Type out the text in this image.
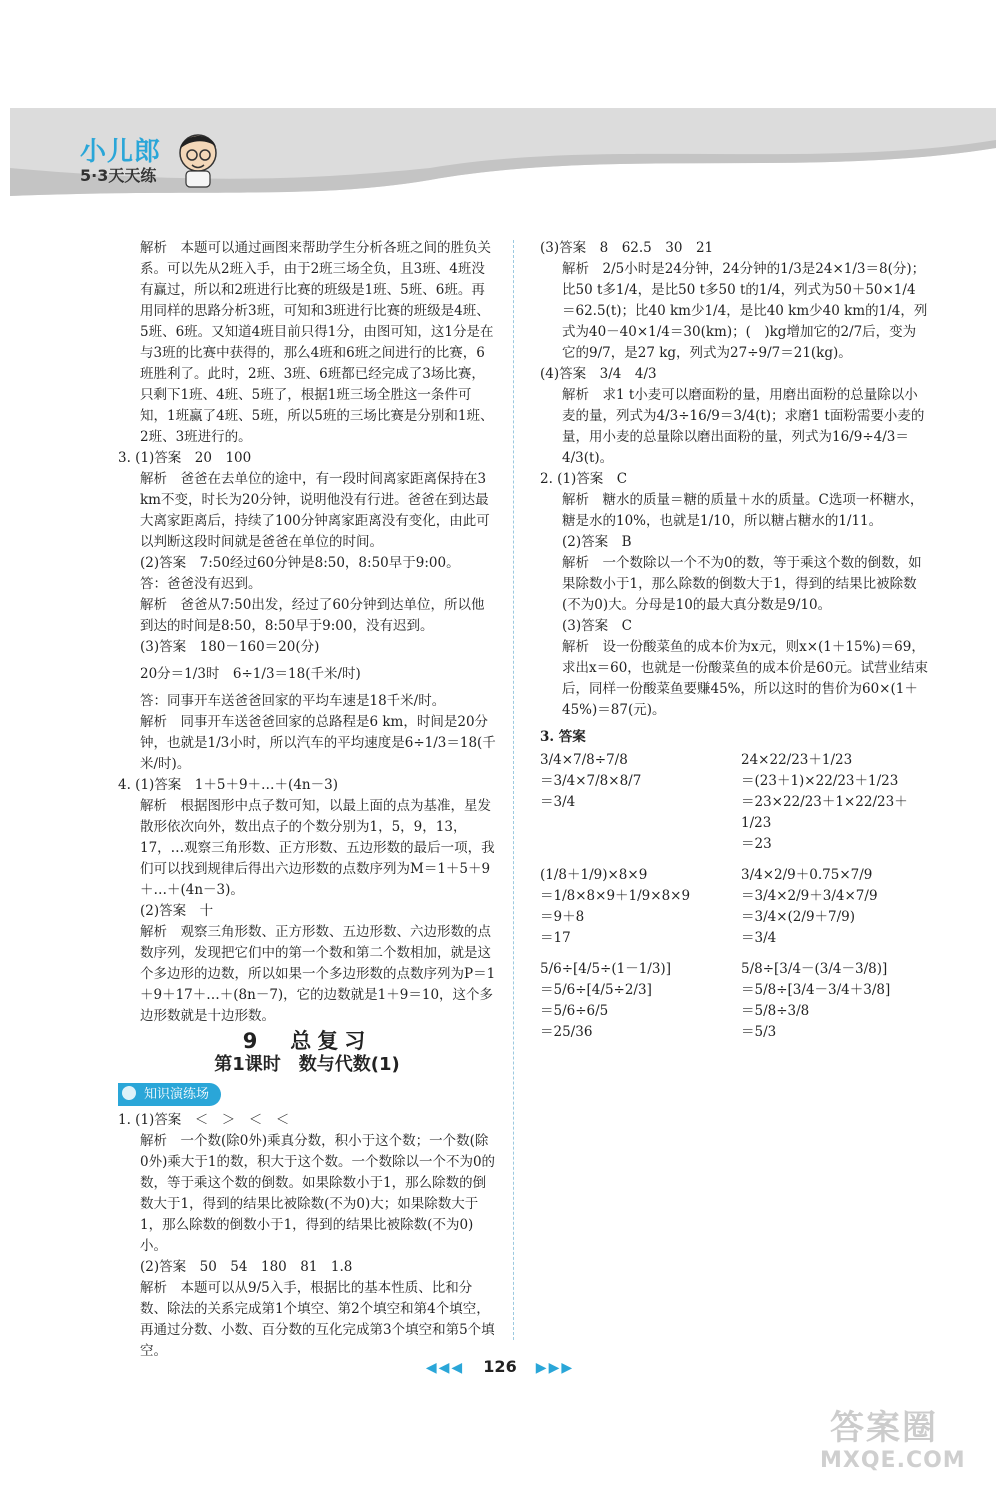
小儿郎
5·3天天练

解析　本题可以通过画图来帮助学生分析各班之间的胜负关系。可以先从2班入手，由于2班三场全负，且3班、4班没有赢过，所以和2班进行比赛的班级是1班、5班、6班。再用同样的思路分析3班，可知和3班进行比赛的班级是4班、5班、6班。又知道4班目前只得1分，由图可知，这1分是在与3班的比赛中获得的，那么4班和6班之间进行的比赛，6班胜利了。此时，2班、3班、6班都已经完成了3场比赛，只剩下1班、4班、5班了，根据1班三场全胜这一条件可知，1班赢了4班、5班，所以5班的三场比赛是分别和1班、2班、3班进行的。

3. (1)答案　20　100

解析　爸爸在去单位的途中，有一段时间离家距离保持在3 km不变，时长为20分钟，说明他没有行进。爸爸在到达最大离家距离后，持续了100分钟离家距离没有变化，由此可以判断这段时间就是爸爸在单位的时间。

(2)答案　7:50经过60分钟是8:50，8:50早于9:00。

答：爸爸没有迟到。

解析　爸爸从7:50出发，经过了60分钟到达单位，所以他到达的时间是8:50，8:50早于9:00，没有迟到。

(3)答案　180－160＝20(分)

20分＝1/3时　6÷1/3＝18(千米/时)

答：同事开车送爸爸回家的平均车速是18千米/时。

解析　同事开车送爸爸回家的总路程是6 km，时间是20分钟，也就是1/3小时，所以汽车的平均速度是6÷1/3＝18(千米/时)。

4. (1)答案　1＋5＋9＋…＋(4n－3)

解析　根据图形中点子数可知，以最上面的点为基准，星发散形依次向外，数出点子的个数分别为1，5，9，13，17，…观察三角形数、正方形数、五边形数的最后一项，我们可以找到规律后得出六边形数的点数序列为M＝1＋5＋9＋…＋(4n－3)。

(2)答案　十

解析　观察三角形数、正方形数、五边形数、六边形数的点数序列，发现把它们中的第一个数和第二个数相加，就是这个多边形的边数，所以如果一个多边形数的点数序列为P＝1＋9＋17＋…＋(8n－7)，它的边数就是1＋9＝10，这个多边形数就是十边形数。

9　总复习
第1课时　数与代数(1)
知识演练场

1. (1)答案　＜　＞　＜　＜

解析　一个数(除0外)乘真分数，积小于这个数；一个数(除0外)乘大于1的数，积大于这个数。一个数除以一个不为0的数，等于乘这个数的倒数。如果除数小于1，那么除数的倒数大于1，得到的结果比被除数(不为0)大；如果除数大于1，那么除数的倒数小于1，得到的结果比被除数(不为0)小。

(2)答案　50　54　180　81　1.8

解析　本题可以从9/5入手，根据比的基本性质、比和分数、除法的关系完成第1个填空、第2个填空和第4个填空，再通过分数、小数、百分数的互化完成第3个填空和第5个填空。

(3)答案　8　62.5　30　21

解析　2/5小时是24分钟，24分钟的1/3是24×1/3＝8(分)；比50 t多1/4，是比50 t多50 t的1/4，列式为50＋50×1/4＝62.5(t)；比40 km少1/4，是比40 km少40 km的1/4，列式为40－40×1/4＝30(km)；(　)kg增加它的2/7后，变为它的9/7，是27 kg，列式为27÷9/7＝21(kg)。

(4)答案　3/4　4/3

解析　求1 t小麦可以磨面粉的量，用磨出面粉的总量除以小麦的量，列式为4/3÷16/9＝3/4(t)；求磨1 t面粉需要小麦的量，用小麦的总量除以磨出面粉的量，列式为16/9÷4/3＝4/3(t)。

2. (1)答案　C

解析　糖水的质量＝糖的质量＋水的质量。C选项一杯糖水，糖是水的10%，也就是1/10，所以糖占糖水的1/11。

(2)答案　B

解析　一个数除以一个不为0的数，等于乘这个数的倒数，如果除数小于1，那么除数的倒数大于1，得到的结果比被除数(不为0)大。分母是10的最大真分数是9/10。

(3)答案　C

解析　设一份酸菜鱼的成本价为x元，则x×(1＋15%)＝69，求出x＝60，也就是一份酸菜鱼的成本价是60元。试营业结束后，同样一份酸菜鱼要赚45%，所以这时的售价为60×(1＋45%)＝87(元)。

3. 答案

3/4×7/8÷7/8

＝3/4×7/8×8/7

＝3/4

24×22/23＋1/23

＝(23＋1)×22/23＋1/23

＝23×22/23＋1×22/23＋1/23

＝23

(1/8＋1/9)×8×9

＝1/8×8×9＋1/9×8×9

＝9＋8

＝17

3/4×2/9＋0.75×7/9

＝3/4×2/9＋3/4×7/9

＝3/4×(2/9＋7/9)

＝3/4

5/6÷[4/5÷(1－1/3)]

＝5/6÷[4/5÷2/3]

＝5/6÷6/5

＝25/36

5/8÷[3/4－(3/4－3/8)]

＝5/8÷[3/4－3/4＋3/8]

＝5/8÷3/8

＝5/3

◀◀◀ 126 ▶▶▶
答案圈
MXQE.COM
